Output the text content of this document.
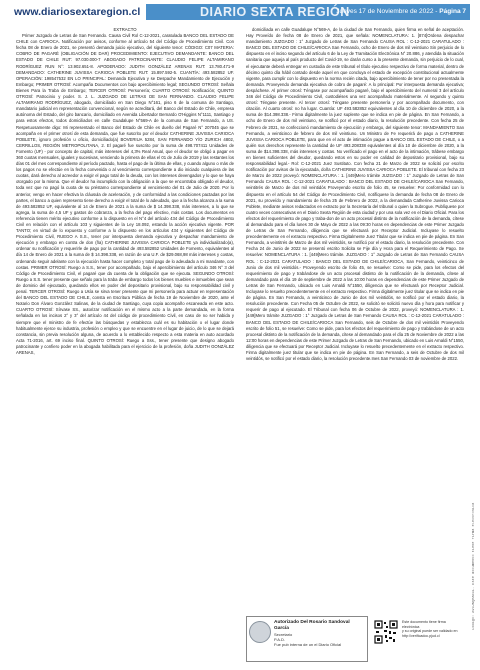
www.diariosextaregion.cl	DIARIO SEXTA REGIÓN
Jueves 17 de Noviembre de 2022 - Página 7

EXTRACTO

Primer Juzgado de Letras de San Fernando. Causa Civil Rol C-12-2021, caratulada BANCO DEL ESTADO DE CHILE con CARIOCA. Notificación por avisos, conforme al artículo 54 del Código de Procedimiento Civil. Con fecha 08 de Enero de 2021, se presentó demanda juicio ejecutivo, del siguiente tenor: CÓDIGO: C07 MATERIA: COBRO DE PAGARÉ (OBLIGACIÓN DE DAR) PROCEDIMIENTO: EJECUTIVO DEMANDANTE: BANCO DEL ESTADO DE CHILE RUT: 97.030.000-7 ABOGADO PATROCINANTE: CLAUDIO FELIPE ALTAMIRANO RODRÍGUEZ RUN N°: 13.902.651-8. APODERADO: JUDITH GONZÁLEZ ARENAS RUT: 13.780.471-9 DEMANDADO: CATHERINE JUVISSA CARIOCA POBLETE RUT: 15.897.592-5. CUANTÍA: 493.582852 UF. OPERACIÓN: 198547532 EN LO PRINCIPAL: Demanda Ejecutiva y se Despache Mandamiento de Ejecución y Embargo; PRIMER OTROSÍ: Acompaña Documentos con bajo apercibimiento legal; SEGUNDO OTROSÍ: Señala Bienes Para la Traba de Embargo; TERCER OTROSÍ: Personería; CUARTO OTROSÍ: Notificación; QUINTO OTROSÍ: Patrocinio y poder. S. J. L. JUZGADO DE LETRAS DE SAN FERNANDO. CLAUDIO FELIPE ALTAMIRANO RODRÍGUEZ, abogado, domiciliado en San Diego N°161, piso 6 de la comuna de Santiago, mandatario judicial en representación convencional, según se acreditará, del Banco del Estado de Chile, empresa autónoma del Estado, del giro bancario, domiciliado en Avenida Libertador Bernardo O'Higgins N°1111, Santiago y para estos efectos, todos domiciliados en calle Guadalupe N°569-A de la comuna de San Fernando, a US. Respetuosamente digo: Mi representado el Banco del Estado de Chile es dueño del Pagaré N° 207045 que se acompaña en el primer otrosí de esta demanda, que fue suscrito por el deudor CATHERINE JUVISSA CARIOCA POBLETE, ignoro profesión u oficio, domiciliado(a) BOVERIUA 5284, SAN FERNANDO Y/O ZURICH 4802, CERRILLOS, REGIÓN METROPOLITANA, 2. El pagaré fue suscrito por la suma de 498.707411 Unidades de Fomento (UF) - por concepto de capital, más intereses del 4,3% Real Anual, que el deudor se obligó a pagar en 360 cuotas mensuales, iguales y sucesivas, venciendo la primera de ellas el 01 de Julio de 2019 y las restantes los días 01 del mes correspondiente al período pactado, hasta el pago de la última de ellas, y cuando alguno o más de los pagos no se efectúe en la fecha convenida o al vencimiento correspondiente a dio iniciado cualquiera de las cuotas, dará derecho al acreedor a exigir el pago total de la deuda, con los intereses devengados y lo que se haya otorgado por la misma. Que el deudor ha incumplido con la obligación a la que se encontraba obligado el deudor, toda vez que no pagó la cuota de su préstamo correspondiente al vencimiento del 01 de Julio de 2020. Por lo anterior, vengo en hacer efectiva la cláusula de aceleración, y de conformidad a las condiciones pactadas por las partes, el banco a quien represento tiene derecho a exigir el total de lo adeudado, que a la fecha alcanza a la suma de 493.582852 UF, equivalente al 14 de Enero de 2021 a la suma de $ 14.398.338, más intereses, a lo que se agrega, la suma de 4,5 UF y gastos de cobranza, a la fecha del pago efectivo, más costas. Los documentos en referencia tienen mérito ejecutivo conforme a lo dispuesto en el N°4 del artículo 434 del Código de Procedimiento Civil en relación con el artículo 103 y siguientes de la Ley 18.092, estando la acción ejecutiva vigente. POR TANTO; en virtud de lo expuesto y conforme a lo dispuesto en los artículos 434 y siguientes del Código de Procedimiento Civil, RUEGO A S.S., tener por interpuesta demanda ejecutiva y despachar mandamiento de ejecución y embargo en contra de don (ña) CATHERINE JUVISSA CARIOCA POBLETE ya individualizado(a), ordenar su notificación y requerirle de pago por la cantidad de 493.582852 Unidades de Fomento, equivalentes al día 14 de Enero de 2021 a la suma de $ 14.398.338, en razón de una U.F. de $29.068,98 más intereses y costas, ordenando seguir adelante con la ejecución hasta hacer completo y total pago de lo adeudado a mi mandante, con costas. PRIMER OTROSÍ: Ruego a S.S., tener por acompañado, bajo el apercibimiento del artículo 346 N° 3 del Código de Procedimiento Civil, el pagaré que da cuenta de la obligación que se ejecuta. SEGUNDO OTROSÍ: Ruego a S.S. tener presente que señalo para la traba de embargo todos los bienes muebles e inmuebles que sean de dominio del ejecutado, quedando ellos en poder del depositario provisional, bajo su responsabilidad civil y penal. TERCER OTROSÍ: Ruego a Usía se sirva tener presente que mi personería para actuar en representación del BANCO DEL ESTADO DE CHILE, consta en Escritura Pública de fecha 19 de Noviembre de 2020, ante el Notario Don Álvaro González Salinas, de la ciudad de Santiago, cuya copia acompaño escaneada en este acto. CUARTO OTROSÍ: Sírvase SS., autorizar notificación en el mismo acto a la parte demandada, en la forma señalada en los incisos 2° y 3° del artículo 44 del código de procedimiento Civil, en caso de no ser habida y siempre que el ministro de fe efectúe las búsquedas y establezca cuál es su habitación o el lugar donde habitualmente ejerce su industria, profesión o empleo y que se encuentre en el lugar de juicio, de lo que se dejará constancia, sin previa resolución alguna, de acuerdo a lo establecido respecto a esta materia en auto acordado Acta 71-2016, art. 69 inciso final. QUINTO OTROSÍ: Ruego a Sss., tener presente que designo abogado patrocinante y confiero poder en la abogada habilitada para el ejercicio de la profesión, doña JUDITH GONZÁLEZ ARENAS,

domiciliada en calle Guadalupe N°569-A, de la ciudad de San Fernando, quien firma en señal de aceptación. Hay Proveído de fecha 08 de Enero de 2021, que señala: NOMENCLATURA: 1. [874]Ordena despachar mandamiento JUZGADO : 1° Juzgado de Letras de San Fernando CAUSA ROL : C-12-2021 CARATULADO : BANCO DEL ESTADO DE CHILE/CARIOCA San Fernando, ocho de Enero de dos mil veintiuno Sin perjuicio de lo dispuesto en el inciso segundo del artículo 6 de la Ley de Tramitación Electrónica N° 20.886, y atendida la situación sanitaria que aqueja al país producto del Covid-19, se darán curso a la presente demanda, sin perjuicio de lo cual, el ejecutante deberá entregar en custodia de este tribunal el título ejecutivo respectivo de forma material, dentro de décimo quinto día hábil contado desde aquel en que concluya el estado de excepción constitucional actualmente vigente, para cumplir con lo dispuesto en la norma recién citada, bajo apercibimiento de tener por no presentada la demanda. Proveyendo demanda ejecutiva de cobro de pagaré: A lo principal: Por interpuesta demanda ejecutiva; despáchese. Al primer otrosí: Téngase por acompañado pagaré, bajo el apercibimiento del numeral 3 del artículo 346 del Código de Procedimiento Civil, custodiéses una vez acompañado materialmente. Al segundo y quinto otrosí: Téngase presente. Al tercer otrosí: Téngase presente personería y por acompañado documento, con citación. Al cuarto otrosí: no ha lugar. Cuantía: UF 493.582852 equivalentes al día 10 de diciembre de 2020, a la suma de $14.398.338.- Firma digitalmente la juez suplente que se indica en pie de página. En San Fernando, a ocho de Enero de dos mil veintiuno, se notificó por el estado diario, la resolución precedente. Con fecha 25 de Febrero de 2021, se confeccionó mandamiento de ejecución y embargo, del siguiente tenor: MANDAMIENTO San Fernando, a veinticinco de febrero de dos mil veintiuno. Un Ministro de Fe requerirá de pago a CATHERINE JUVISSA CARIOCA POBLETE, para que en el acto de intimación pague a BANCO DEL ESTADO DE CHILE, o a quién sus derechos represente la cantidad de UF 493.208338 equivalentes al día 10 de diciembre de 2020, a la suma de $14.398.338, más intereses y costas. No verificado el pago en el acto de la intimación, trábese embargo en bienes suficientes del deudor, quedando estos en su poder en calidad de depositario provisional, bajo su responsabilidad legal.- Rol: C-12-2021 Juez Sustituto. Con fecha 21 de Marzo de 2022 se solicitó por escrito notificación por avisos de la ejecutada, doña CATHERINE JUVISSA CARIOCA POBLETE. El tribunal con fecha 23 de Marzo de 2022 proveyó: NOMENCLATURA : 1. [449]Mero trámite JUZGADO : 1° Juzgado de Letras de San Fernando CAUSA ROL : C-12-2021 CARATULADO : BANCO DEL ESTADO DE CHILE/CARIOCA San Fernando, veintitrés de Marzo de dos mil veintidós Proveyendo escrito de folio 45, se resuelve: Por conformidad con lo dispuesto en el artículo 54 del Código de Procedimiento Civil, notifíquese la demanda de fecha 08 de Enero de 2021, su proveído y mandamiento de fecha 25 de Febrero de 2022, a la demandada Catherine Juvissa Carioca Poblete, mediante avisos redactados en extracto por la Secretaría del tribunal o quien la Subrogue. Publíquese por cuatro veces consecutivas en el Diario Sexta Región de esta ciudad y por una sola vez en el Diario Oficial. Para los efectos del requerimiento de pago y traba-don de un acto procesal distinto de la notificación de la demanda, cítese al demandado para el día lunes 30 de Mayo de 2022 a las 09:30 horas en dependencias de este Primer Juzgado de Letras de San Fernando, diligencia que se efectuará por Receptor Judicial. Incluyase lo resuelto precedentemente en el extracto respectivo. Firma Digitalmente Juez Titular que se indica en pie de página. En San Fernando, a veintitrés de Marzo de dos mil veintidós, se notificó por el estado diario, la resolución precedente. Con Fecha 24 de Junio de 2022 se presentó escrito Solicita se Fije día y Hora para el Requerimiento de Pago. Se resuelve: NOMENCLATURA : 1. [449]Mero trámite. JUZGADO : 1° Juzgado de Letras de San Fernando CAUSA ROL : C-12-2021 CARATULADO : BANCO DEL ESTADO DE CHILE/CARIOCA, San Fernando, veinticinco de Junio de dos mil veintidós.- Proveyendo escrito de folio 45, se resuelve: Como se pide, para los efectos del requerimiento de pago y trabándose de un acto procesal distinto de la notificación de la demanda, cítese al demandado para el día 19 de septiembre de 2022 a las 10:00 horas en dependencias de este Primer Juzgado de Letras de San Fernando, ubicado en Luis Arnaldi N°1550, diligencia que se efectuará por Receptor Judicial. Incluyase lo resuelto precedentemente en el extracto respectivo. Firma digitalmente juez titular que se indica en pie de página. En San Fernando, a veinticinco de Junio de dos mil veintidós, se notificó por el estado diario, la resolución precedente. Con Fecha 05 de Octubre de 2022, se solicitó se solicitó nuevo día y hora para notificar y requerir de pago al ejecutado. El Tribunal con fecha 06 de Octubre de 2022, proveyó: NOMENCLATURA : 1. [449]Mero trámite JUZGADO : 1° Juzgado de Letras de San Fernando CAUSA ROL : C-12-2021 CARATULADO : BANCO DEL ESTADO DE CHILE/CARIOCA San Fernando, seis de Octubre de dos mil veintidós Proveyendo escrito de folio 51, se resuelve: Como se pide, para los efectos del requerimiento de pago y trabándose de un acto procesal distinto de la notificación de la demanda, cítese al demandado para el día 25 de Noviembre de 2022 a las 12:00 horas en dependencias de este Primer Juzgado de Letras de San Fernando, ubicado en Luis Arnaldi N°1550, diligencia que se efectuará por Receptor Judicial. Incluyase lo resuelto precedentemente en el extracto respectivo. Firma digitalmente juez titular que se indica en pie de página. En San Fernando, a seis de Octubre de dos mil veintidós, se notificó por el estado diario, la resolución precedente.Ines San Fernando 03 de noviembre de 2022.

Autorizado Del Rosario Sandoval García
Secretario
P.A.D.
Fue pub interna de un el Diario Oficial
Este documento tiene firma electrónica
y su original puede ser validado en
http://verificadoc.pjud.cl
Código: AVGJNQHXEGL. Este documento tiene firma electrónica
